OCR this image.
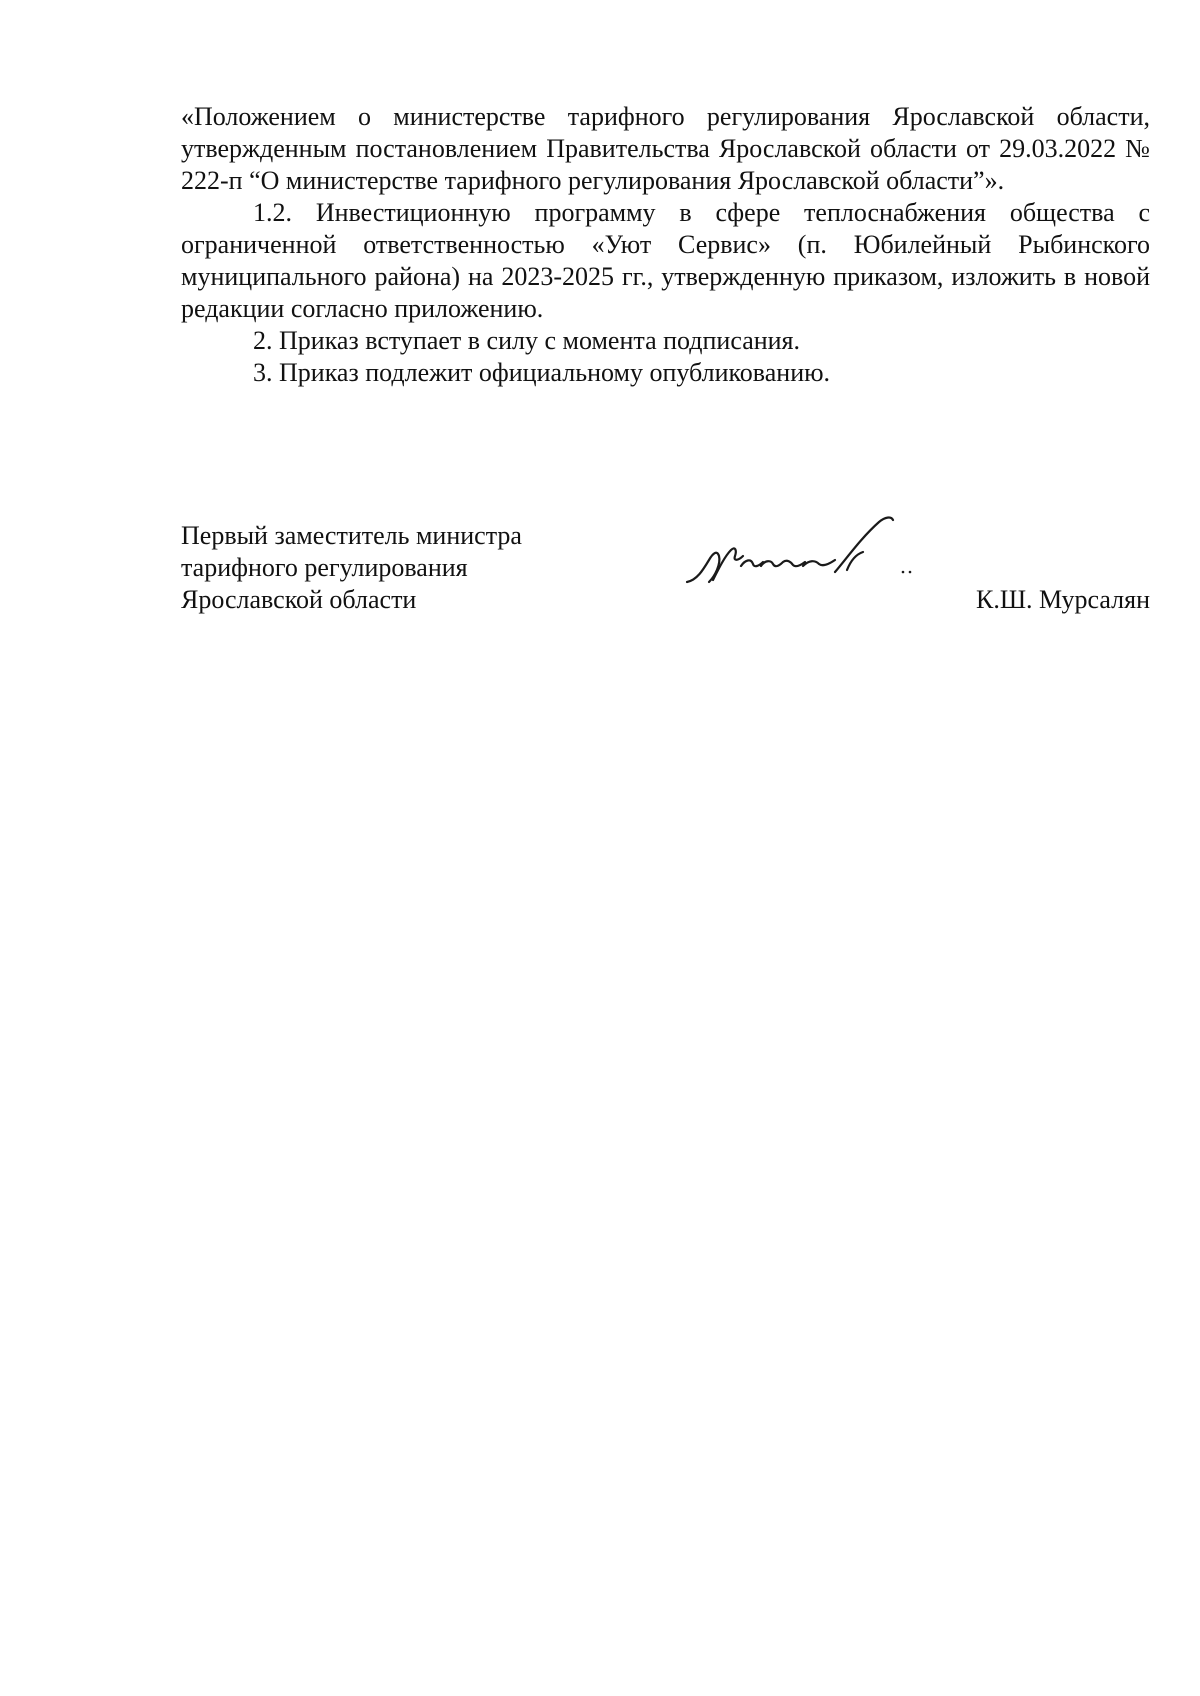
«Положением о министерстве тарифного регулирования Ярославской области, утвержденным постановлением Правительства Ярославской области от 29.03.2022 № 222-п “О министерстве тарифного регулирования Ярославской области”».

1.2. Инвестиционную программу в сфере теплоснабжения общества с ограниченной ответственностью «Уют Сервис» (п. Юбилейный Рыбинского муниципального района) на 2023-2025 гг., утвержденную приказом, изложить в новой редакции согласно приложению.

2. Приказ вступает в силу с момента подписания.

3. Приказ подлежит официальному опубликованию.

Первый заместитель министра
тарифного регулирования
Ярославской области	К.Ш. Мурсалян
